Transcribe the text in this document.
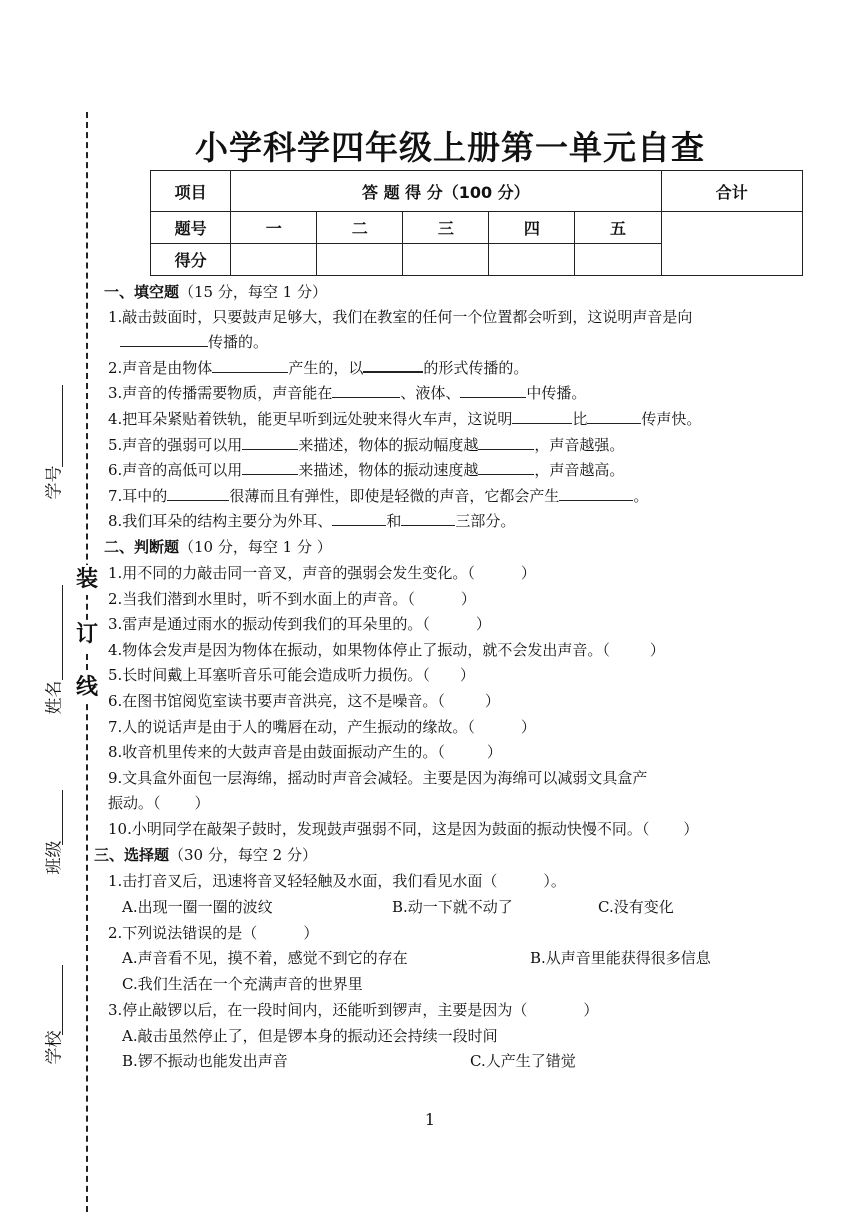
装
订
线
学号
姓名
班级
学校
小学科学四年级上册第一单元自查
项目	答 题 得 分（100 分）					合计
题号	一	二	三	四	五	
得分						
一、填空题（15 分，每空 1 分）
1.敲击鼓面时，只要鼓声足够大，我们在教室的任何一个位置都会听到，这说明声音是向
传播的。
2.声音是由物体	产生的，以	的形式传播的。
3.声音的传播需要物质，声音能在	、液体、	中传播。
4.把耳朵紧贴着铁轨，能更早听到远处驶来得火车声，这说明	比	传声快。
5.声音的强弱可以用	来描述，物体的振动幅度越	，声音越强。
6.声音的高低可以用	来描述，物体的振动速度越	，声音越高。
7.耳中的	很薄而且有弹性，即使是轻微的声音，它都会产生	。
8.我们耳朵的结构主要分为外耳、	和	三部分。
二、判断题（10 分，每空 1 分 ）
1.用不同的力敲击同一音叉，声音的强弱会发生变化。（	）
2.当我们潜到水里时，听不到水面上的声音。（	）
3.雷声是通过雨水的振动传到我们的耳朵里的。（	）
4.物体会发声是因为物体在振动，如果物体停止了振动，就不会发出声音。（	）
5.长时间戴上耳塞听音乐可能会造成听力损伤。（ ）
6.在图书馆阅览室读书要声音洪亮，这不是噪音。（	）
7.人的说话声是由于人的嘴唇在动，产生振动的缘故。（	）
8.收音机里传来的大鼓声音是由鼓面振动产生的。（	）
9.文具盒外面包一层海绵，摇动时声音会减轻。主要是因为海绵可以减弱文具盒产
振动。（ ）
10.小明同学在敲架子鼓时，发现鼓声强弱不同，这是因为鼓面的振动快慢不同。（ ）
三、选择题（30 分，每空 2 分）
1.击打音叉后，迅速将音叉轻轻触及水面，我们看见水面（	）。
A.出现一圈一圈的波纹	B.动一下就不动了	C.没有变化
2.下列说法错误的是（	）
A.声音看不见，摸不着，感觉不到它的存在	B.从声音里能获得很多信息
C.我们生活在一个充满声音的世界里
3.停止敲锣以后，在一段时间内，还能听到锣声，主要是因为（	）
A.敲击虽然停止了，但是锣本身的振动还会持续一段时间
B.锣不振动也能发出声音	C.人产生了错觉
1
